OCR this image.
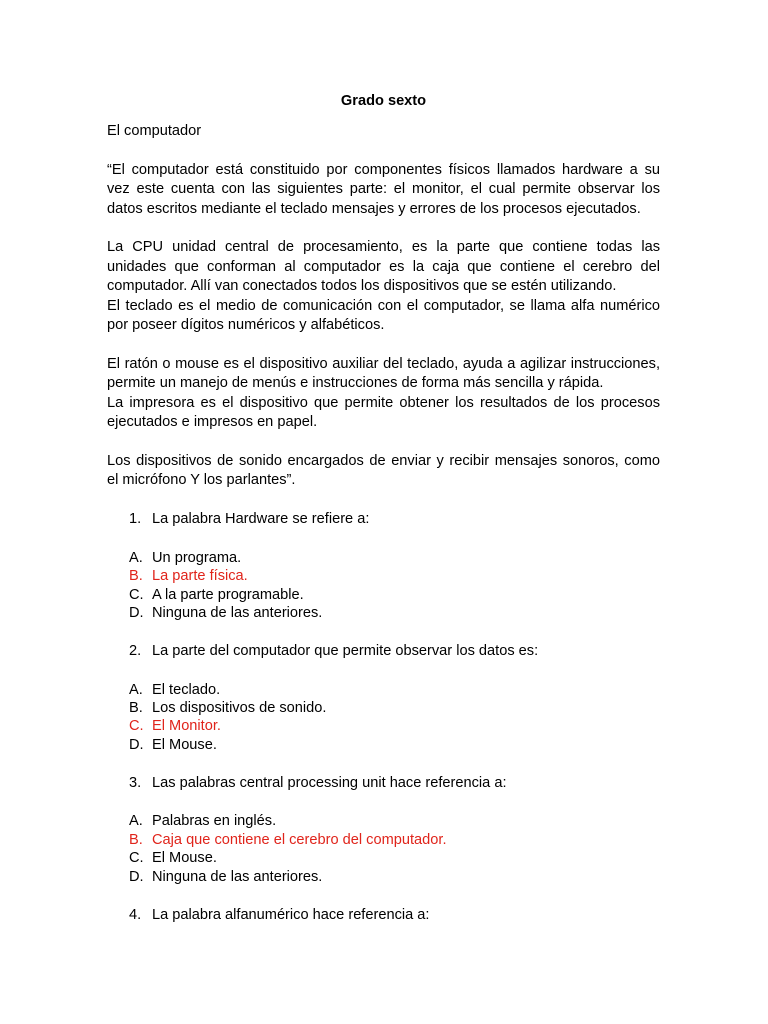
Grado sexto
El computador
“El computador está constituido por componentes físicos llamados hardware a su
vez este cuenta con las siguientes parte: el monitor, el cual permite observar los
datos escritos mediante el teclado mensajes y errores de los procesos ejecutados.
La CPU unidad central de procesamiento, es la parte que contiene todas las
unidades que conforman al computador es la caja que contiene el cerebro del
computador. Allí van conectados todos los dispositivos que se estén utilizando.
El teclado es el medio de comunicación con el computador, se llama alfa numérico
por poseer dígitos numéricos y alfabéticos.
El ratón o mouse es el dispositivo auxiliar del teclado, ayuda a agilizar instrucciones,
permite un manejo de menús e instrucciones de forma más sencilla y rápida.
La impresora es el dispositivo que permite obtener los resultados de los procesos
ejecutados e impresos en papel.
Los dispositivos de sonido encargados de enviar y recibir mensajes sonoros, como
el micrófono Y los parlantes”.
1. La palabra Hardware se refiere a:
A. Un programa.
B. La parte física.
C. A la parte programable.
D. Ninguna de las anteriores.
2. La parte del computador que permite observar los datos es:
A. El teclado.
B. Los dispositivos de sonido.
C. El Monitor.
D. El Mouse.
3. Las palabras central processing unit hace referencia a:
A. Palabras en inglés.
B. Caja que contiene el cerebro del computador.
C. El Mouse.
D. Ninguna de las anteriores.
4. La palabra alfanumérico hace referencia a:
